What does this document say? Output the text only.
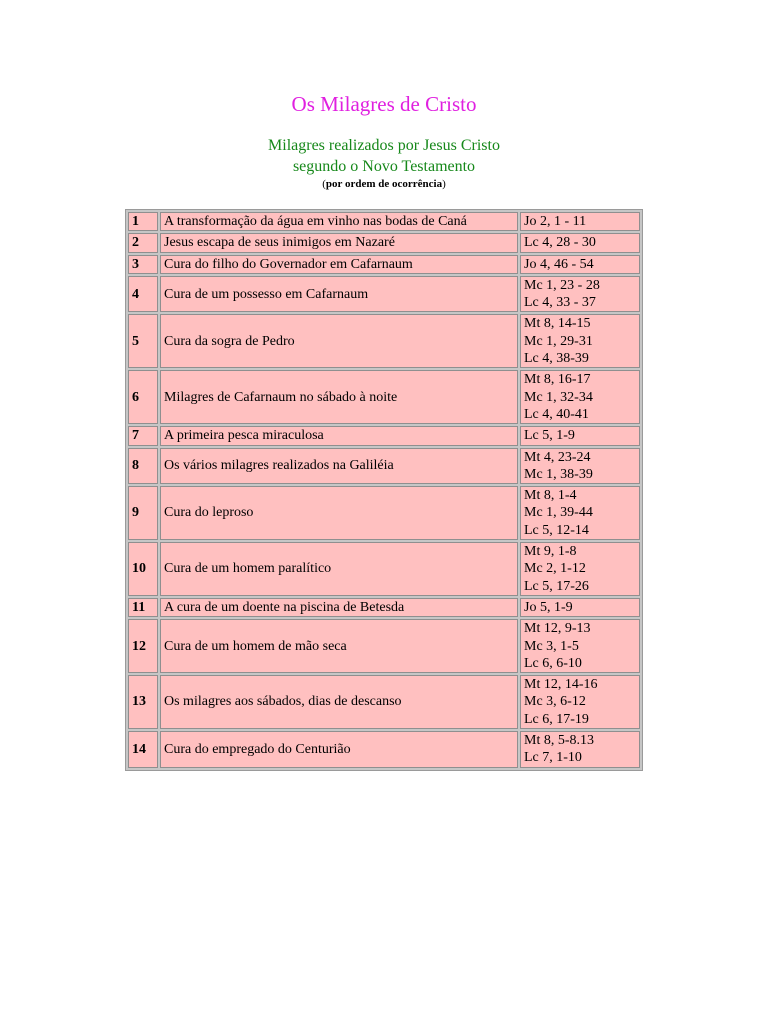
Os Milagres de Cristo
Milagres realizados por Jesus Cristo
segundo o Novo Testamento
(por ordem de ocorrência)
1	A transformação da água em vinho nas bodas de Caná	Jo 2, 1 - 11

2	Jesus escapa de seus inimigos em Nazaré	Lc 4, 28 - 30

3	Cura do filho do Governador em Cafarnaum	Jo 4, 46 - 54

4	Cura de um possesso em Cafarnaum	Mc 1, 23 - 28
Lc 4, 33 - 37

5	Cura da sogra de Pedro	Mt 8, 14-15
Mc 1, 29-31
Lc 4, 38-39

6	Milagres de Cafarnaum no sábado à noite	Mt 8, 16-17
Mc 1, 32-34
Lc 4, 40-41

7	A primeira pesca miraculosa	Lc 5, 1-9

8	Os vários milagres realizados na Galiléia	Mt 4, 23-24
Mc 1, 38-39

9	Cura do leproso	Mt 8, 1-4
Mc 1, 39-44
Lc 5, 12-14

10	Cura de um homem paralítico	Mt 9, 1-8
Mc 2, 1-12
Lc 5, 17-26

11	A cura de um doente na piscina de Betesda	Jo 5, 1-9

12	Cura de um homem de mão seca	Mt 12, 9-13
Mc 3, 1-5
Lc 6, 6-10

13	Os milagres aos sábados, dias de descanso	Mt 12, 14-16
Mc 3, 6-12
Lc 6, 17-19

14	Cura do empregado do Centurião	Mt 8, 5-8.13
Lc 7, 1-10
